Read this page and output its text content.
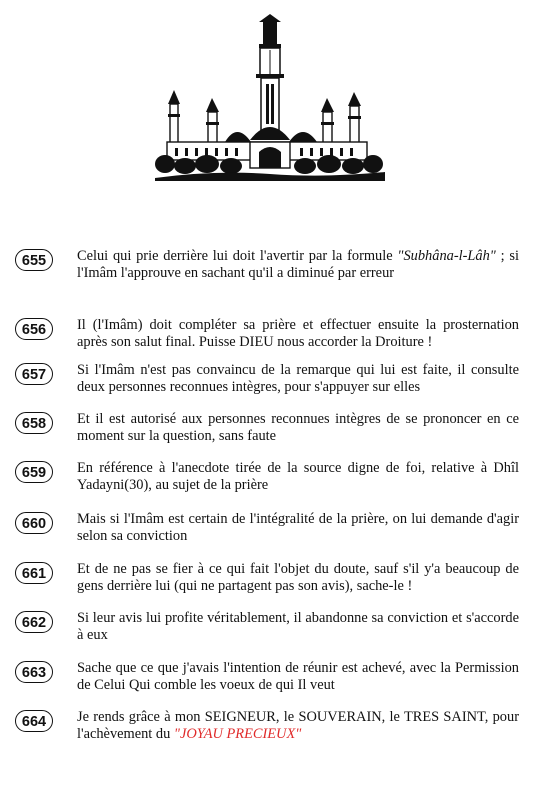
655	Celui qui prie derrière lui doit l'avertir par la formule "Subhâna-l-Lâh" ; si l'Imâm l'approuve en sachant qu'il a diminué par erreur
656	Il (l'Imâm) doit compléter sa prière et effectuer ensuite la prosternation après son salut final. Puisse DIEU nous accorder la Droiture !
657	Si l'Imâm n'est pas convaincu de la remarque qui lui est faite, il consulte deux personnes reconnues intègres, pour s'appuyer sur elles
658	Et il est autorisé aux personnes reconnues intègres de se prononcer en ce moment sur la question, sans faute
659	En référence à l'anecdote tirée de la source digne de foi, relative à Dhîl Yadayni(30), au sujet de la prière
660	Mais si l'Imâm est certain de l'intégralité de la prière, on lui demande d'agir selon sa conviction
661	Et de ne pas se fier à ce qui fait l'objet du doute, sauf s'il y'a beaucoup de gens derrière lui (qui ne partagent pas son avis), sache-le !
662	Si leur avis lui profite véritablement, il abandonne sa conviction et s'accorde à eux
663	Sache que ce que j'avais l'intention de réunir est achevé, avec la Permission de Celui Qui comble les voeux de qui Il veut
664	Je rends grâce à mon SEIGNEUR, le SOUVERAIN, le TRES SAINT, pour l'achèvement du "JOYAU PRECIEUX"
